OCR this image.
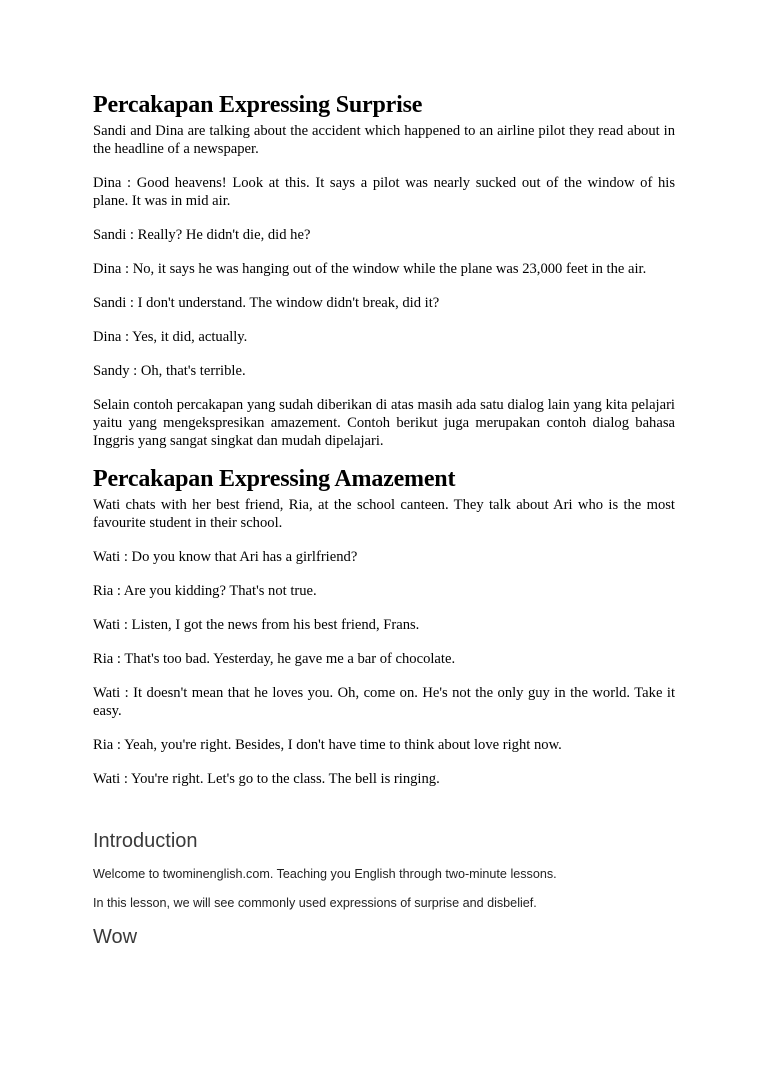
Percakapan Expressing Surprise

Sandi and Dina are talking about the accident which happened to an airline pilot they read about in the headline of a newspaper.

Dina : Good heavens! Look at this. It says a pilot was nearly sucked out of the window of his plane. It was in mid air.

Sandi : Really? He didn't die, did he?

Dina : No, it says he was hanging out of the window while the plane was 23,000 feet in the air.

Sandi : I don't understand. The window didn't break, did it?

Dina : Yes, it did, actually.

Sandy : Oh, that's terrible.

Selain contoh percakapan yang sudah diberikan di atas masih ada satu dialog lain yang kita pelajari yaitu yang mengekspresikan amazement. Contoh berikut juga merupakan contoh dialog bahasa Inggris yang sangat singkat dan mudah dipelajari.

Percakapan Expressing Amazement

Wati chats with her best friend, Ria, at the school canteen. They talk about Ari who is the most favourite student in their school.

Wati : Do you know that Ari has a girlfriend?

Ria : Are you kidding? That's not true.

Wati : Listen, I got the news from his best friend, Frans.

Ria : That's too bad. Yesterday, he gave me a bar of chocolate.

Wati : It doesn't mean that he loves you. Oh, come on. He's not the only guy in the world. Take it easy.

Ria : Yeah, you're right. Besides, I don't have time to think about love right now.

Wati : You're right. Let's go to the class. The bell is ringing.

Introduction

Welcome to twominenglish.com. Teaching you English through two-minute lessons.

In this lesson, we will see commonly used expressions of surprise and disbelief.

Wow
